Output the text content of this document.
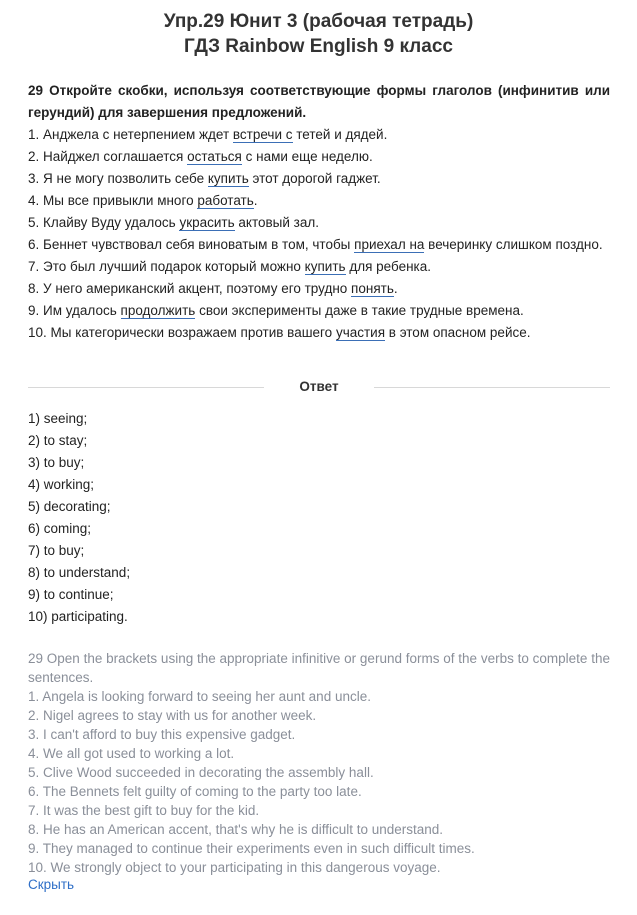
Упр.29 Юнит 3 (рабочая тетрадь)
ГДЗ Rainbow English 9 класс
29 Откройте скобки, используя соответствующие формы глаголов (инфинитив или герундий) для завершения предложений.
1. Анджела с нетерпением ждет встречи с тетей и дядей.
2. Найджел соглашается остаться с нами еще неделю.
3. Я не могу позволить себе купить этот дорогой гаджет.
4. Мы все привыкли много работать.
5. Клайву Вуду удалось украсить актовый зал.
6. Беннет чувствовал себя виноватым в том, чтобы приехал на вечеринку слишком поздно.
7. Это был лучший подарок который можно купить для ребенка.
8. У него американский акцент, поэтому его трудно понять.
9. Им удалось продолжить свои эксперименты даже в такие трудные времена.
10. Мы категорически возражаем против вашего участия в этом опасном рейсе.
Ответ
1) seeing;
2) to stay;
3) to buy;
4) working;
5) decorating;
6) coming;
7) to buy;
8) to understand;
9) to continue;
10) participating.
29 Open the brackets using the appropriate infinitive or gerund forms of the verbs to complete the sentences.
1. Angela is looking forward to seeing her aunt and uncle.
2. Nigel agrees to stay with us for another week.
3. I can't afford to buy this expensive gadget.
4. We all got used to working a lot.
5. Clive Wood succeeded in decorating the assembly hall.
6. The Bennets felt guilty of coming to the party too late.
7. It was the best gift to buy for the kid.
8. He has an American accent, that's why he is difficult to understand.
9. They managed to continue their experiments even in such difficult times.
10. We strongly object to your participating in this dangerous voyage.
Скрыть
